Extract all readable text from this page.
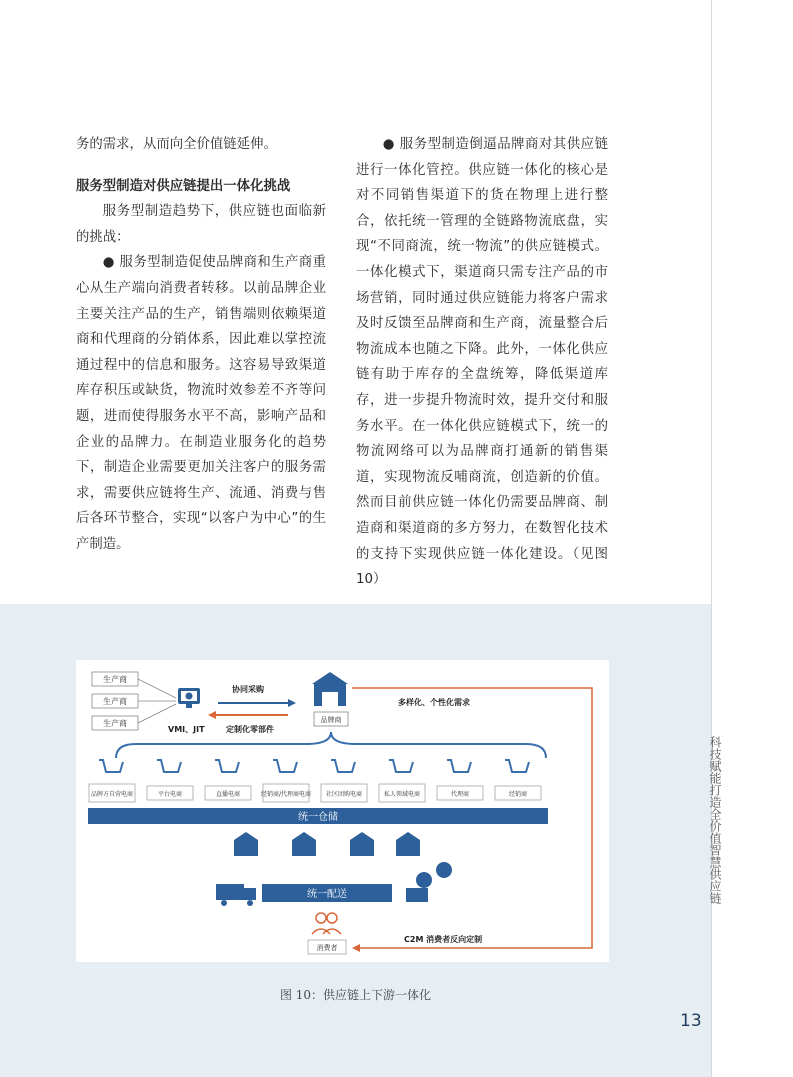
务的需求，从而向全价值链延伸。

服务型制造对供应链提出一体化挑战

服务型制造趋势下，供应链也面临新的挑战：

● 服务型制造促使品牌商和生产商重心从生产端向消费者转移。以前品牌企业主要关注产品的生产，销售端则依赖渠道商和代理商的分销体系，因此难以掌控流通过程中的信息和服务。这容易导致渠道库存积压或缺货，物流时效参差不齐等问题，进而使得服务水平不高，影响产品和企业的品牌力。在制造业服务化的趋势下，制造企业需要更加关注客户的服务需求，需要供应链将生产、流通、消费与售后各环节整合，实现“以客户为中心”的生产制造。

● 服务型制造倒逼品牌商对其供应链进行一体化管控。供应链一体化的核心是对不同销售渠道下的货在物理上进行整合，依托统一管理的全链路物流底盘，实现“不同商流，统一物流”的供应链模式。一体化模式下，渠道商只需专注产品的市场营销，同时通过供应链能力将客户需求及时反馈至品牌商和生产商，流量整合后物流成本也随之下降。此外，一体化供应链有助于库存的全盘统筹，降低渠道库存，进一步提升物流时效，提升交付和服务水平。在一体化供应链模式下，统一的物流网络可以为品牌商打通新的销售渠道，实现物流反哺商流，创造新的价值。然而目前供应链一体化仍需要品牌商、制造商和渠道商的多方努力，在数智化技术的支持下实现供应链一体化建设。（见图 10）

生产商
生产商
生产商
VMI、JIT
协同采购
定制化零部件
品牌商
多样化、个性化需求
品牌方自营电商	平台电商	直播电商	经销商/代理商电商 社区团购电商	私人领域电商	代理商	经销商
统一仓储
统一配送
消费者
C2M 消费者反向定制
图 10：供应链上下游一体化
科技赋能打造全价值智慧供应链
13
